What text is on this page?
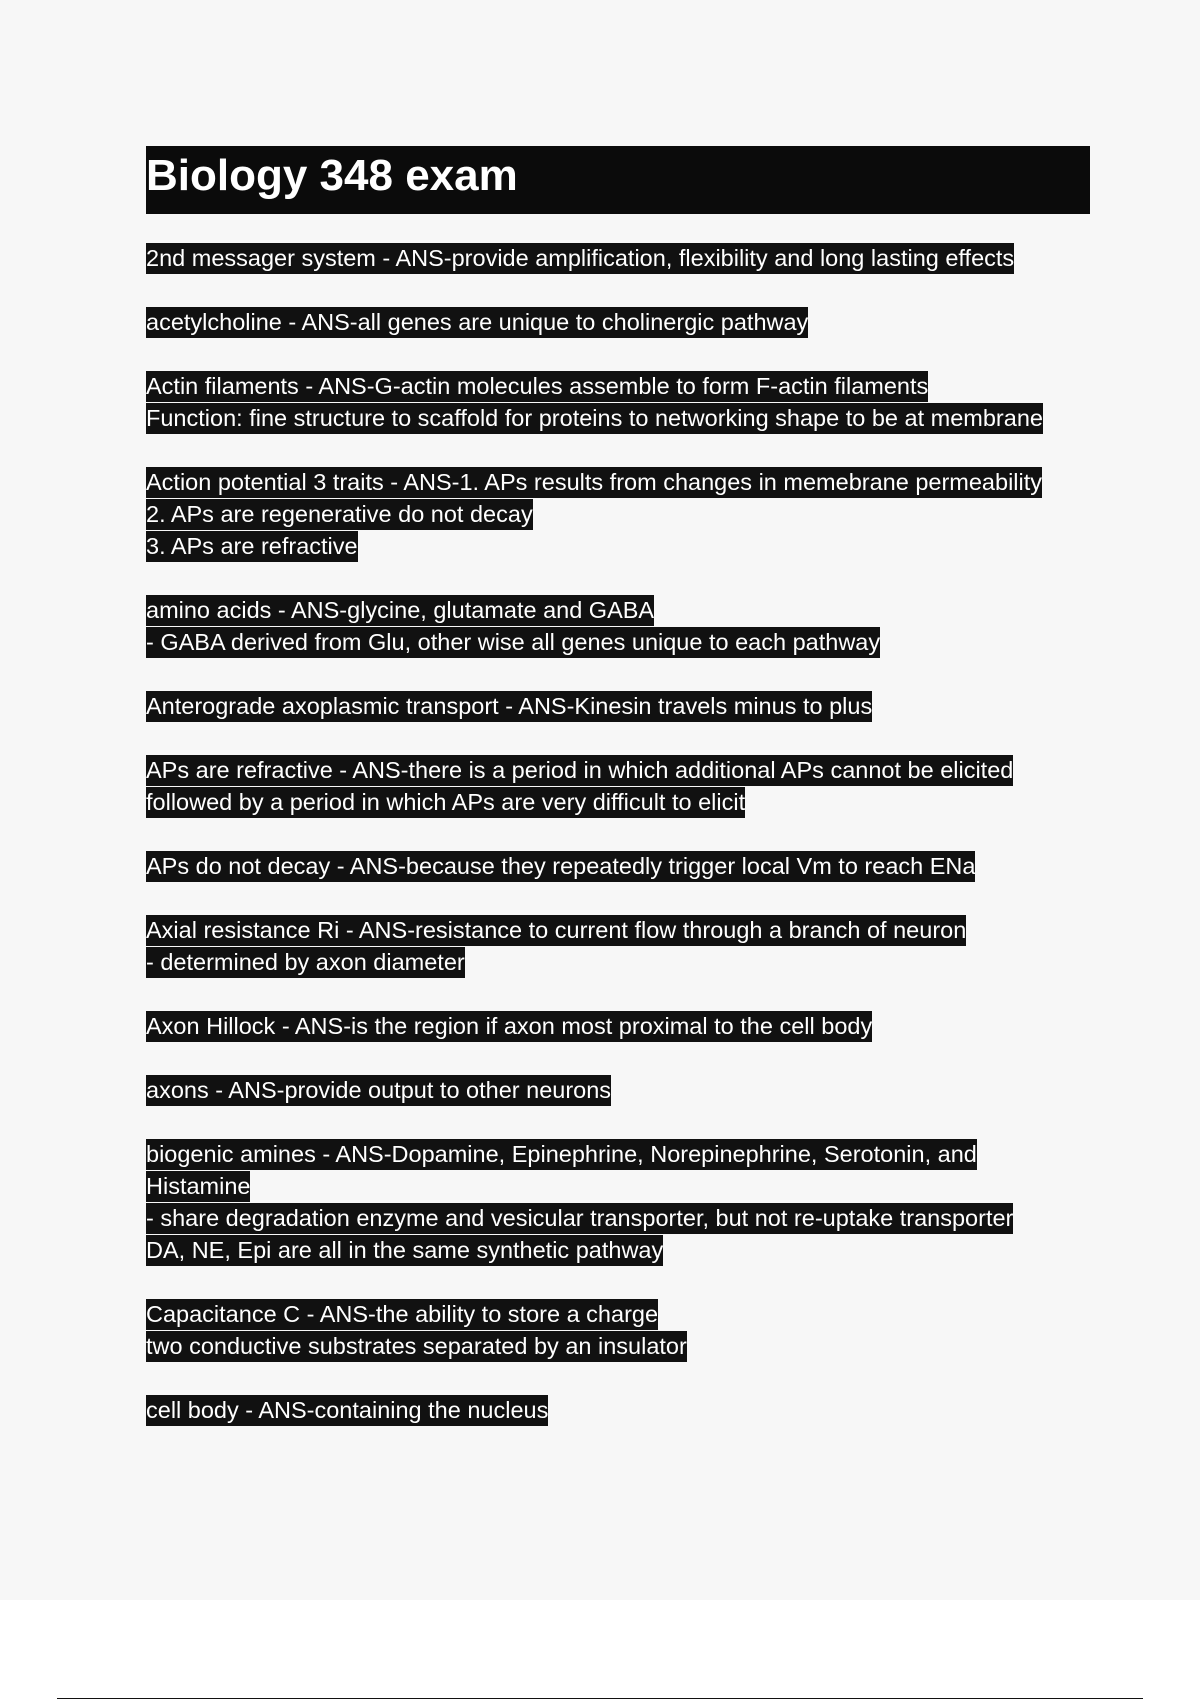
Biology 348 exam
2nd messager system - ANS-provide amplification, flexibility and long lasting effects
acetylcholine - ANS-all genes are unique to cholinergic pathway
Actin filaments - ANS-G-actin molecules assemble to form F-actin filaments
Function: fine structure to scaffold for proteins to networking shape to be at membrane
Action potential 3 traits - ANS-1. APs results from changes in memebrane permeability
2. APs are regenerative do not decay
3. APs are refractive
amino acids - ANS-glycine, glutamate and GABA
- GABA derived from Glu, other wise all genes unique to each pathway
Anterograde axoplasmic transport - ANS-Kinesin travels minus to plus
APs are refractive - ANS-there is a period in which additional APs cannot be elicited
followed by a period in which APs are very difficult to elicit
APs do not decay - ANS-because they repeatedly trigger local Vm to reach ENa
Axial resistance Ri - ANS-resistance to current flow through a branch of neuron
- determined by axon diameter
Axon Hillock - ANS-is the region if axon most proximal to the cell body
axons - ANS-provide output to other neurons
biogenic amines - ANS-Dopamine, Epinephrine, Norepinephrine, Serotonin, and
Histamine
- share degradation enzyme and vesicular transporter, but not re-uptake transporter
DA, NE, Epi are all in the same synthetic pathway
Capacitance C - ANS-the ability to store a charge
two conductive substrates separated by an insulator
cell body - ANS-containing the nucleus
